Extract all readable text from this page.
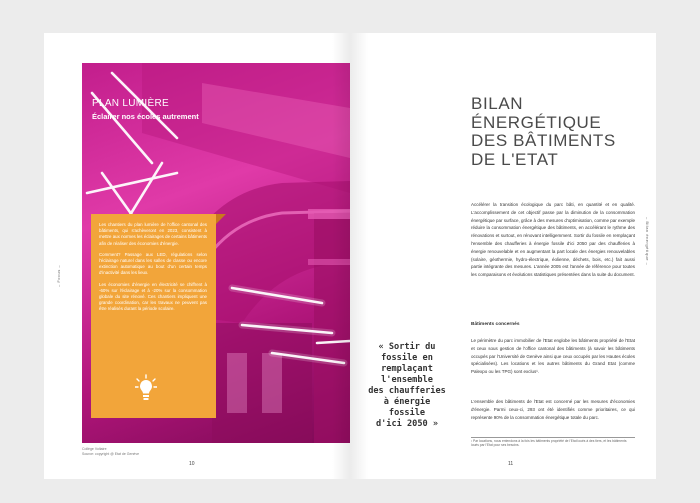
– Focus –
PLAN LUMIÈRE
Éclairer nos écoles autrement

Les chantiers du plan lumière de l'office cantonal des bâtiments, qui s'achèveront en 2023, consistent à mettre aux normes les éclairages de certains bâtiments afin de réaliser des économies d'énergie.

Comment? Passage aux LED, régulations selon l'éclairage naturel dans les salles de classe ou encore extinction automatique au bout d'un certain temps d'inactivité dans les lieux.

Les économies d'énergie en électricité se chiffrent à -60% sur l'éclairage et à -20% sur la consommation globale du site rénové. Ces chantiers impliquent une grande coordination, car les travaux ne peuvent pas être réalisés durant la période scolaire.

Collège Voltaire
Source: copyright @ Etat de Genève
10
BILAN
ÉNERGÉTIQUE
DES BÂTIMENTS
DE L'ETAT

Accélérer la transition écologique du parc bâti, en quantité et en qualité. L'accomplissement de cet objectif passe par la diminution de la consommation énergétique par surface, grâce à des mesures d'optimisation, comme par exemple réduire la consommation énergétique des bâtiments, en accélérant le rythme des rénovations et surtout, en rénovant intelligemment. Sortir du fossile en remplaçant l'ensemble des chaufferies à énergie fossile d'ici 2050 par des chaufferies à énergie renouvelable et en augmentant la part locale des énergies renouvelables (solaire, géothermie, hydro-électrique, éolienne, déchets, bois, etc.) fait aussi partie intégrante des mesures. L'année 2005 est l'année de référence pour toutes les comparaisons et évolutions statistiques présentées dans la suite du document.

Bâtiments concernés

Le périmètre du parc immobilier de l'Etat englobe les bâtiments propriété de l'Etat et ceux sous gestion de l'office cantonal des bâtiments (à savoir les bâtiments occupés par l'Université de Genève ainsi que ceux occupés par les Hautes écoles spécialisées). Les locations et les autres bâtiments du Grand Etat (comme Palexpo ou les TPG) sont exclus¹.

L'ensemble des bâtiments de l'Etat est concerné par les mesures d'économies d'énergie. Parmi ceux-ci, 293 ont été identifiés comme prioritaires, ce qui représente 90% de la consommation énergétique totale du parc.

¹ Par locations, nous entendons à la fois les bâtiments propriété de l'Etat loués à des tiers, et les bâtiments loués par l'Etat pour ses besoins.
« Sortir du
fossile en
remplaçant
l'ensemble
des chaufferies
à énergie
fossile
d'ici 2050 »
11
– Bilan énergétique –
